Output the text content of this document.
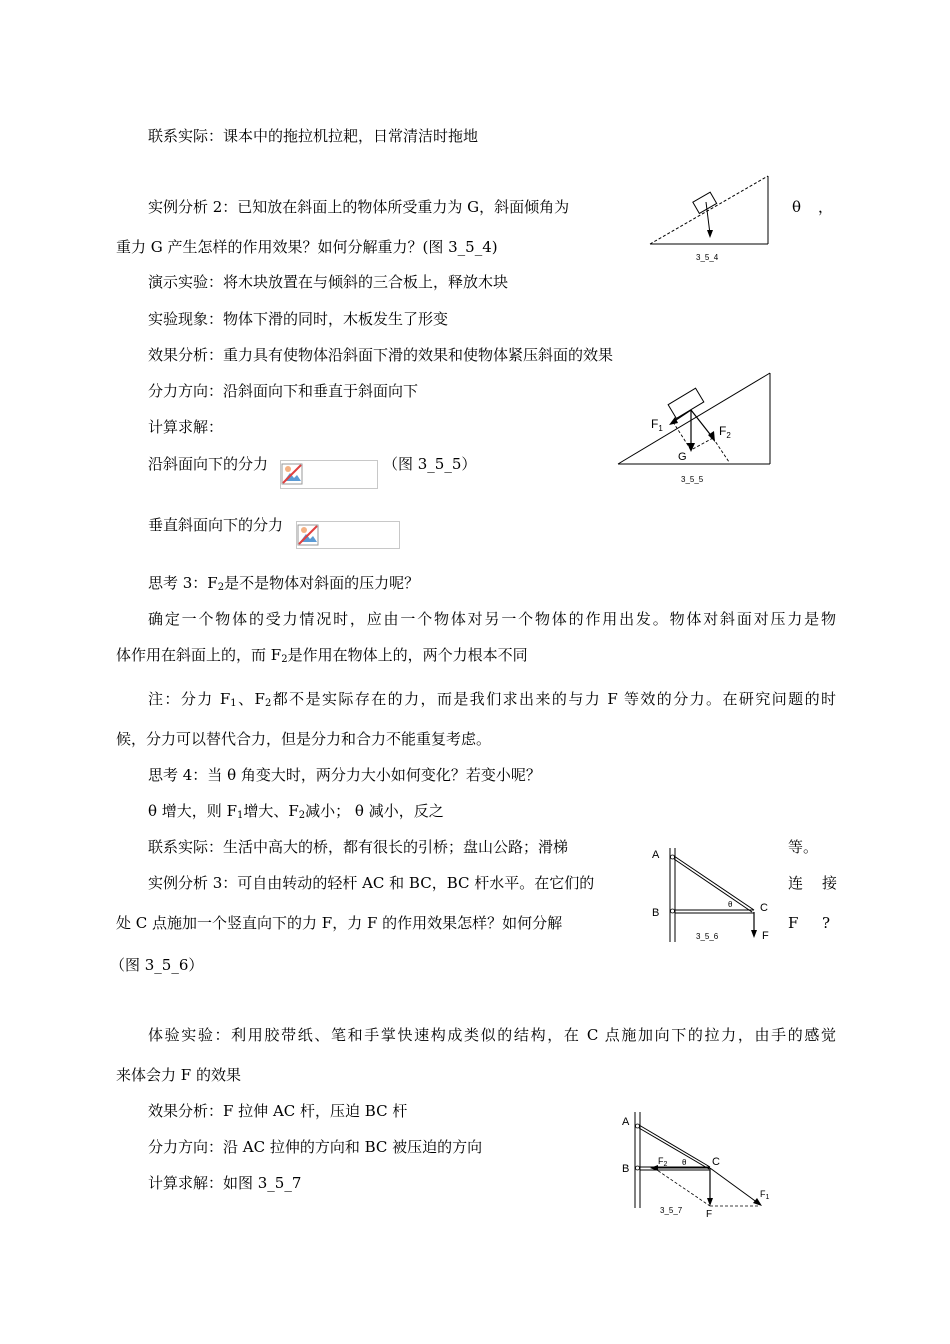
联系实际：课本中的拖拉机拉耙，日常清洁时拖地
实例分析 2：已知放在斜面上的物体所受重力为 G，斜面倾角为	θ ，
3_5_4
重力 G 产生怎样的作用效果？如何分解重力？(图 3_5_4)
演示实验：将木块放置在与倾斜的三合板上，释放木块
实验现象：物体下滑的同时，木板发生了形变
效果分析：重力具有使物体沿斜面下滑的效果和使物体紧压斜面的效果
分力方向：沿斜面向下和垂直于斜面向下
计算求解：	$F_1$	$F_2$
G
3_5_5
沿斜面向下的分力	（图 3_5_5）
垂直斜面向下的分力
思考 3：$F_2$是不是物体对斜面的压力呢？
确定一个物体的受力情况时，应由一个物体对另一个物体的作用出发。物体对斜面对压力是物
体作用在斜面上的，而 $F_2$是作用在物体上的，两个力根本不同
注：分力 $F_1$、$F_2$都不是实际存在的力，而是我们求出来的与力 F 等效的分力。在研究问题的时
候，分力可以替代合力，但是分力和合力不能重复考虑。
思考 4：当 θ 角变大时，两分力大小如何变化？若变小呢？
θ 增大，则 $F_1$增大、$F_2$减小； θ 减小，反之
联系实际：生活中高大的桥，都有很长的引桥；盘山公路；滑梯	等。
A
B	C
F
θ
3_5_6
实例分析 3：可自由转动的轻杆 AC 和 BC，BC 杆水平。在它们的	连 接
处 C 点施加一个竖直向下的力 F，力 F 的作用效果怎样？如何分解	F ?
（图 3_5_6）
体验实验：利用胶带纸、笔和手掌快速构成类似的结构，在 C 点施加向下的拉力，由手的感觉
来体会力 F 的效果
效果分析：F 拉伸 AC 杆，压迫 BC 杆
分力方向：沿 AC 拉伸的方向和 BC 被压迫的方向
计算求解：如图 3_5_7
A
B
C
F
$F_1$
$F_2$ θ
3_5_7
